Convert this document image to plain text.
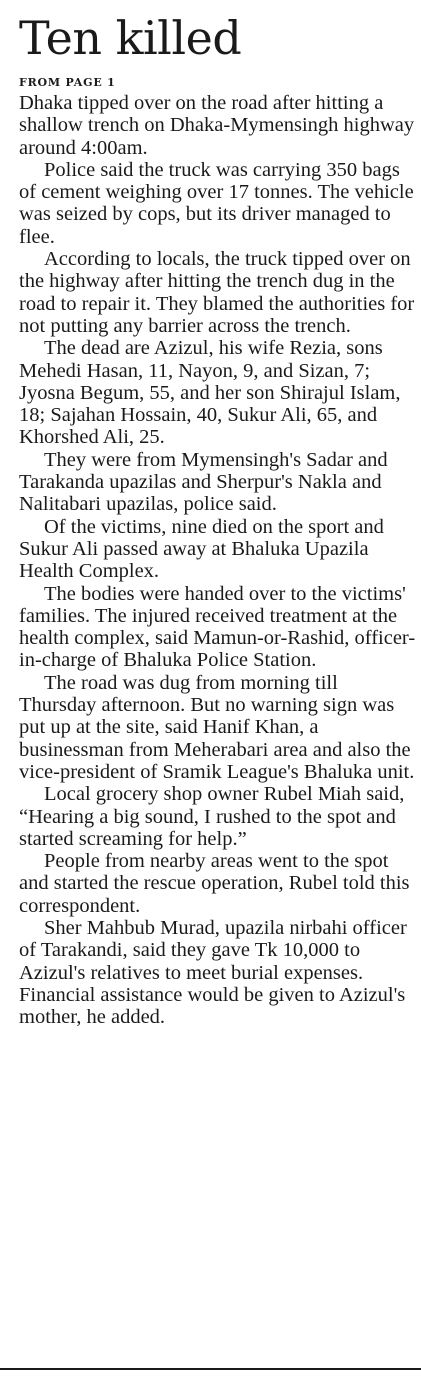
Ten killed
FROM PAGE 1

Dhaka tipped over on the road after hitting a shallow trench on Dhaka-Mymensingh highway around 4:00am.

Police said the truck was carrying 350 bags of cement weighing over 17 tonnes. The vehicle was seized by cops, but its driver managed to flee.

According to locals, the truck tipped over on the highway after hitting the trench dug in the road to repair it. They blamed the authorities for not putting any barrier across the trench.

The dead are Azizul, his wife Rezia, sons Mehedi Hasan, 11, Nayon, 9, and Sizan, 7; Jyosna Begum, 55, and her son Shirajul Islam, 18; Sajahan Hossain, 40, Sukur Ali, 65, and Khorshed Ali, 25.

They were from Mymensingh's Sadar and Tarakanda upazilas and Sherpur's Nakla and Nalitabari upazilas, police said.

Of the victims, nine died on the sport and Sukur Ali passed away at Bhaluka Upazila Health Complex.

The bodies were handed over to the victims' families. The injured received treatment at the health complex, said Mamun-or-Rashid, officer-in-charge of Bhaluka Police Station.

The road was dug from morning till Thursday afternoon. But no warning sign was put up at the site, said Hanif Khan, a businessman from Meherabari area and also the vice-president of Sramik League's Bhaluka unit.

Local grocery shop owner Rubel Miah said, “Hearing a big sound, I rushed to the spot and started screaming for help.”

People from nearby areas went to the spot and started the rescue operation, Rubel told this correspondent.

Sher Mahbub Murad, upazila nirbahi officer of Tarakandi, said they gave Tk 10,000 to Azizul's relatives to meet burial expenses. Financial assistance would be given to Azizul's mother, he added.
